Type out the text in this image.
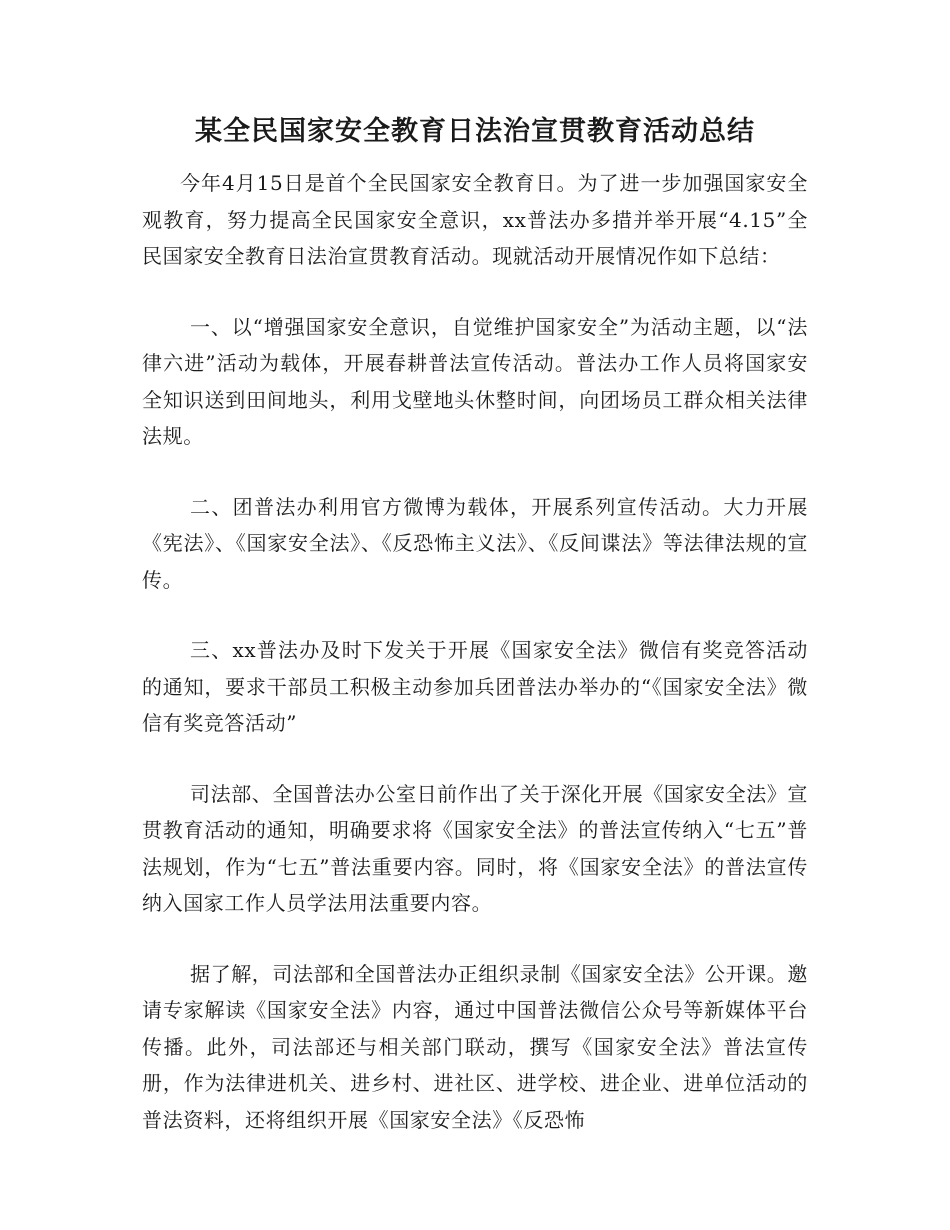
某全民国家安全教育日法治宣贯教育活动总结

今年4月15日是首个全民国家安全教育日。为了进一步加强国家安全观教育，努力提高全民国家安全意识，xx普法办多措并举开展“4.15”全民国家安全教育日法治宣贯教育活动。现就活动开展情况作如下总结：

一、以“增强国家安全意识，自觉维护国家安全”为活动主题，以“法律六进”活动为载体，开展春耕普法宣传活动。普法办工作人员将国家安全知识送到田间地头，利用戈壁地头休整时间，向团场员工群众相关法律法规。

二、团普法办利用官方微博为载体，开展系列宣传活动。大力开展《宪法》、《国家安全法》、《反恐怖主义法》、《反间谍法》等法律法规的宣传。

三、xx普法办及时下发关于开展《国家安全法》微信有奖竞答活动的通知，要求干部员工积极主动参加兵团普法办举办的“《国家安全法》微信有奖竞答活动”

司法部、全国普法办公室日前作出了关于深化开展《国家安全法》宣贯教育活动的通知，明确要求将《国家安全法》的普法宣传纳入“七五”普法规划，作为“七五”普法重要内容。同时，将《国家安全法》的普法宣传纳入国家工作人员学法用法重要内容。

据了解，司法部和全国普法办正组织录制《国家安全法》公开课。邀请专家解读《国家安全法》内容，通过中国普法微信公众号等新媒体平台传播。此外，司法部还与相关部门联动，撰写《国家安全法》普法宣传册，作为法律进机关、进乡村、进社区、进学校、进企业、进单位活动的普法资料，还将组织开展《国家安全法》《反恐怖
